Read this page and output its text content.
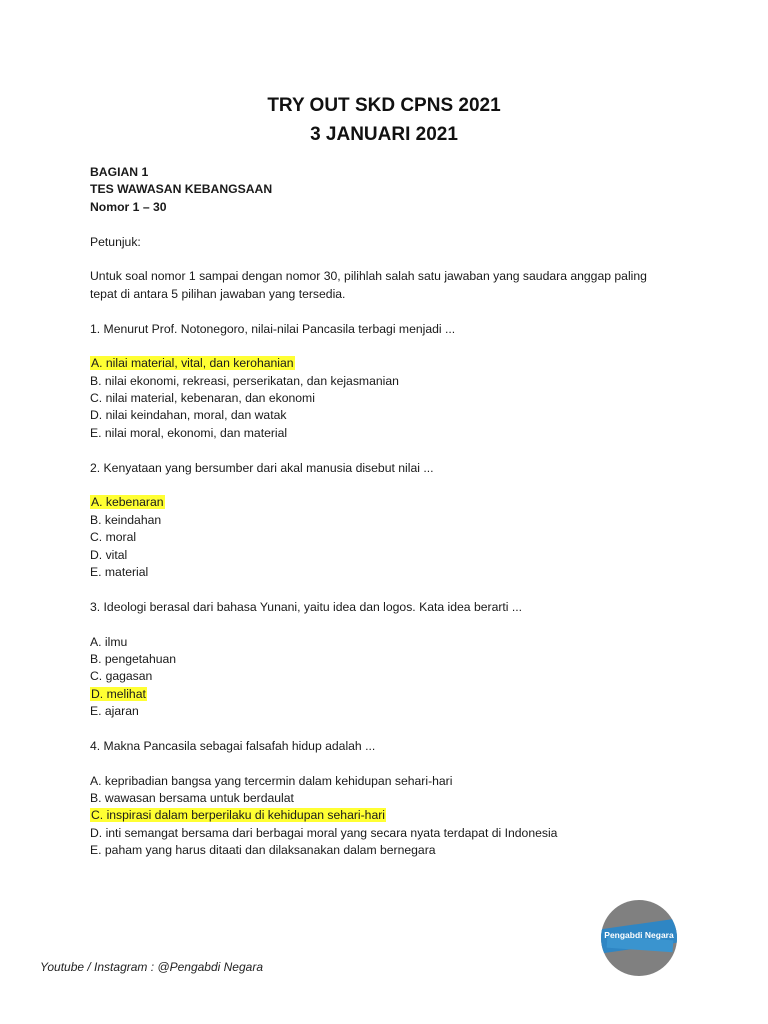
TRY OUT SKD CPNS 2021
3 JANUARI 2021
BAGIAN 1
TES WAWASAN KEBANGSAAN
Nomor 1 – 30
Petunjuk:
Untuk soal nomor 1 sampai dengan nomor 30, pilihlah salah satu jawaban yang saudara anggap paling
tepat di antara 5 pilihan jawaban yang tersedia.
1. Menurut Prof. Notonegoro, nilai-nilai Pancasila terbagi menjadi ...
A. nilai material, vital, dan kerohanian
B. nilai ekonomi, rekreasi, perserikatan, dan kejasmanian
C. nilai material, kebenaran, dan ekonomi
D. nilai keindahan, moral, dan watak
E. nilai moral, ekonomi, dan material
2. Kenyataan yang bersumber dari akal manusia disebut nilai ...
A. kebenaran
B. keindahan
C. moral
D. vital
E. material
3. Ideologi berasal dari bahasa Yunani, yaitu idea dan logos. Kata idea berarti ...
A. ilmu
B. pengetahuan
C. gagasan
D. melihat
E. ajaran
4. Makna Pancasila sebagai falsafah hidup adalah ...
A. kepribadian bangsa yang tercermin dalam kehidupan sehari-hari
B. wawasan bersama untuk berdaulat
C. inspirasi dalam berperilaku di kehidupan sehari-hari
D. inti semangat bersama dari berbagai moral yang secara nyata terdapat di Indonesia
E. paham yang harus ditaati dan dilaksanakan dalam bernegara
Youtube / Instagram : @Pengabdi Negara
Pengabdi Negara
